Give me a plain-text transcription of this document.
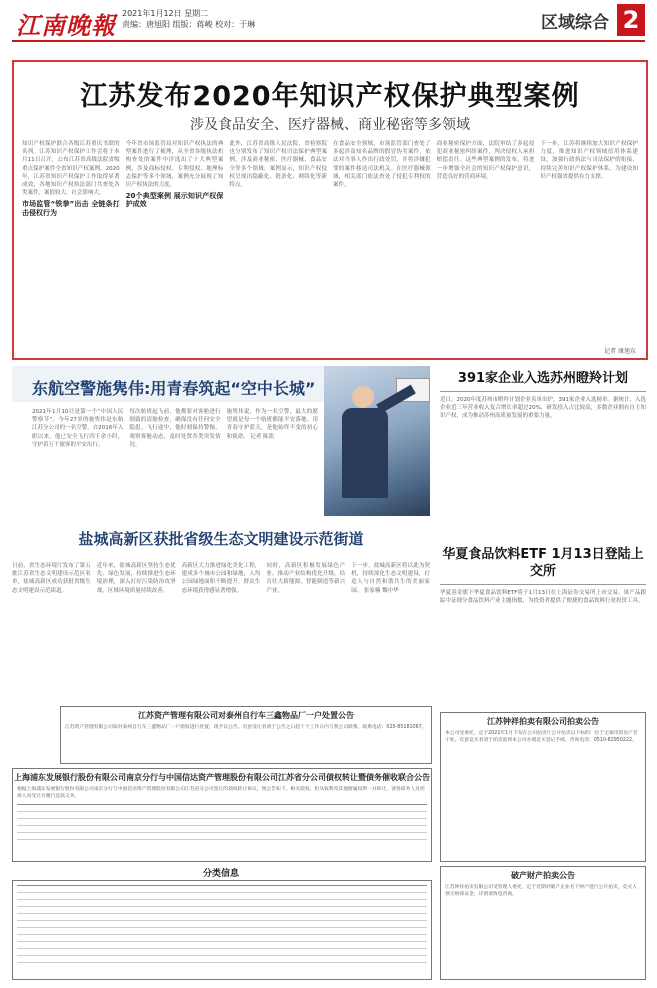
江南晚報 2021年1月12日 星期二
责编：唐旭阳 组版：蒋峻 校对：于琳	区域综合 2
江苏发布2020年知识产权保护典型案例
涉及食品安全、医疗器械、商业秘密等多领域

知识产权保护联合各级江苏重庆书联的名列。江苏知识产权保护工作会将于本月11日召开，公布江苏省高级法院省级重点保护案件全省知识产权案例。2020年，江苏省知识产权保护工作取得显著成效，各地知识产权执法部门共查处各类案件，案值较大，社会影响大。

市场监管“铁拳”出击 全链条打击侵权行为

今年省市场监管局对知识产权执法的典型案件进行了梳理，从全省各级执法机构查处的案件中评选出了十大典型案例，涉及商标侵权、专利侵权、地理标志保护等多个领域，案例充分展现了知识产权执法的力度。

20个典型案例 展示知识产权保护成效
此外，江苏省高级人民法院、省检察院也分别发布了知识产权司法保护典型案例，涉及商业秘密、医疗器械、食品安全等多个领域。案例显示，知识产权侵权呈现出隐蔽化、链条化、网络化等新特点。
在食品安全领域，市场监管部门查处了多起涉及知名品牌的假冒伪劣案件，依法对当事人作出行政处罚，并将涉嫌犯罪的案件移送司法机关。在医疗器械领域，相关部门依法查处了侵犯专利权的案件。
商业秘密保护方面，法院审结了多起侵犯商业秘密纠纷案件，判决侵权人承担赔偿责任。这些典型案例的发布，将进一步增强全社会的知识产权保护意识，营造良好的营商环境。
下一步，江苏将继续加大知识产权保护力度，推进知识产权领域信用体系建设，加强行政执法与司法保护的衔接，持续完善知识产权保护体系，为建设知识产权强省提供有力支撑。
记者 康旭东
东航空警施隽伟:用青春筑起“空中长城”
2021年1月10日是第一个“中国人民警察节”。今年27岁的施隽伟是东航江苏分公司的一名空警。自2016年入职以来，他已安全飞行四千余小时，守护着万千旅客的平安出行。
每次航班起飞前，他都要对客舱进行细致的清舱检查，确保没有任何安全隐患。飞行途中，他时刻保持警惕，观察客舱动态，及时处置各类突发情况。
施隽伟说，作为一名空警，最大的愿望就是每一个航班都能平安落地。用青春守护蓝天，是他始终不变的初心和使命。 记者 陈凯
391家企业入选苏州瞪羚计划
近日，2020年度苏州市瞪羚计划企业名单出炉，391家企业入选榜单。据统计，入选企业近三年营业收入复合增长率超过20%，研发投入占比较高，多数企业拥有自主知识产权，成为推动苏州高质量发展的重要力量。
华夏食品饮料ETF 1月13日登陆上交所
华夏基金旗下华夏食品饮料ETF将于1月13日在上海证券交易所上市交易。该产品跟踪中证细分食品饮料产业主题指数，为投资者提供了便捷的食品饮料行业投资工具。
盐城高新区获批省级生态文明建设示范街道
日前，省生态环境厅发布了第五批江苏省生态文明建设示范区名单，盐城高新区成功获批省级生态文明建设示范街道。
近年来，盐城高新区坚持生态优先、绿色发展，持续推进生态环境治理，深入打好污染防治攻坚战，区域环境质量持续改善。
高新区大力推进绿化美化工程，建成多个城市公园和绿地，人均公园绿地面积不断提升，群众生态环境获得感显著增强。
同时，高新区积极发展绿色产业，推动产业结构优化升级，培育壮大新能源、智能制造等新兴产业。
下一步，盐城高新区将以此为契机，持续深化生态文明建设，打造人与自然和谐共生的美丽家园。 张家楠 魏中华
江苏资产管理有限公司对泰州自行车三鑫物品厂一户处置公告
江苏资产管理有限公司拟对泰州自行车三鑫物品厂一户债权进行处置，现予以公告。有意受让者请于公告之日起十个工作日内与我公司联系，联系电话：025-85181067。
上海浦东发展银行股份有限公司南京分行与中国信达资产管理股份有限公司江苏省分公司债权转让暨债务催收联合公告
根据上海浦东发展银行股份有限公司南京分行与中国信达资产管理股份有限公司江苏省分公司签订的债权转让协议，现公告如下。相关债权、担从权利及其他附属权利一并转让，请各债务人及担保人向受让方履行还款义务。
江苏钟祥拍卖有限公司拍卖公告
本公司受委托，定于2021年1月下旬在公司拍卖厅公开拍卖以下标的：位于无锡市的房产若干处。有意竞买者请于拍卖前到本公司办理竞买登记手续。咨询电话：0510-82950222。
分类信息	破产财产拍卖公告
江苏钟祥拍卖有限公司受管理人委托，定于近期对破产企业名下财产进行公开拍卖，竞买人须交纳保证金，详情请致电咨询。
